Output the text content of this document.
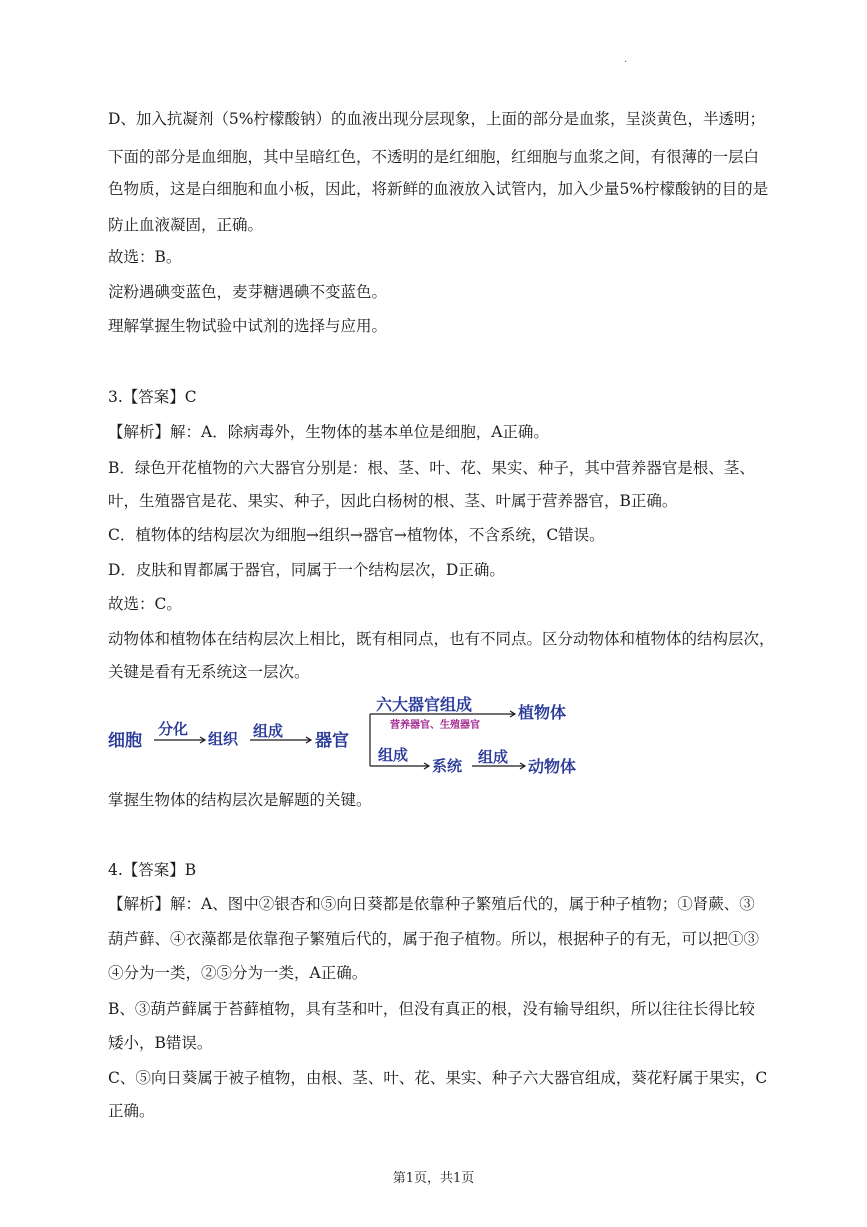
.
D、加入抗凝剂（5%柠檬酸钠）的血液出现分层现象，上面的部分是血浆，呈淡黄色，半透明；
下面的部分是血细胞，其中呈暗红色，不透明的是红细胞，红细胞与血浆之间，有很薄的一层白
色物质，这是白细胞和血小板，因此，将新鲜的血液放入试管内，加入少量5%柠檬酸钠的目的是
防止血液凝固，正确。
故选：B。
淀粉遇碘变蓝色，麦芽糖遇碘不变蓝色。
理解掌握生物试验中试剂的选择与应用。
3.【答案】C
【解析】解：A．除病毒外，生物体的基本单位是细胞，A正确。
B．绿色开花植物的六大器官分别是：根、茎、叶、花、果实、种子，其中营养器官是根、茎、
叶，生殖器官是花、果实、种子，因此白杨树的根、茎、叶属于营养器官，B正确。
C．植物体的结构层次为细胞→组织→器官→植物体，不含系统，C错误。
D．皮肤和胃都属于器官，同属于一个结构层次，D正确。
故选：C。
动物体和植物体在结构层次上相比，既有相同点，也有不同点。区分动物体和植物体的结构层次，
关键是看有无系统这一层次。
细胞
分化
组织 组成 器官
六大器官组成	植物体
组成
系统 组成 动物体
营养器官、生殖器官
掌握生物体的结构层次是解题的关键。
4.【答案】B
【解析】解：A、图中②银杏和⑤向日葵都是依靠种子繁殖后代的，属于种子植物；①肾蕨、③
葫芦藓、④衣藻都是依靠孢子繁殖后代的，属于孢子植物。所以，根据种子的有无，可以把①③
④分为一类，②⑤分为一类，A正确。
B、③葫芦藓属于苔藓植物，具有茎和叶，但没有真正的根，没有输导组织，所以往往长得比较
矮小，B错误。
C、⑤向日葵属于被子植物，由根、茎、叶、花、果实、种子六大器官组成，葵花籽属于果实，C
正确。
第1页，共1页
